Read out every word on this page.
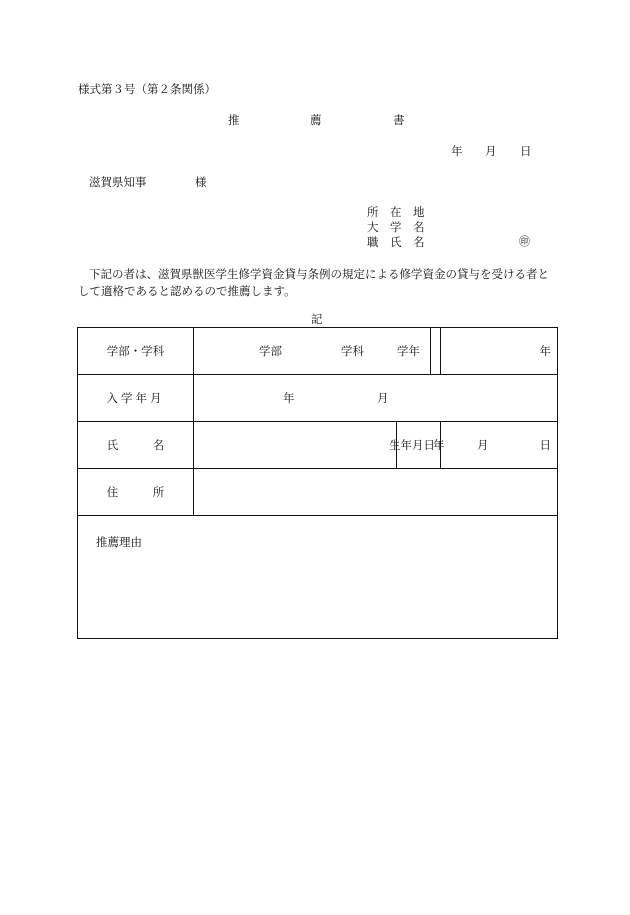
様式第３号（第２条関係）
推	薦	書
年 月 日
滋賀県知事	様
所　在　地
大　学　名
職　氏　名	㊞
下記の者は、滋賀県獣医学生修学資金貸与条例の規定による修学資金の貸与を受ける者として適格であると認めるので推薦します。
記
学部・学科	学部 学科		学年	年

入学年月	年 月			

氏　　　名		生年月日		年 月 日

住　　　所				

推薦理由				
